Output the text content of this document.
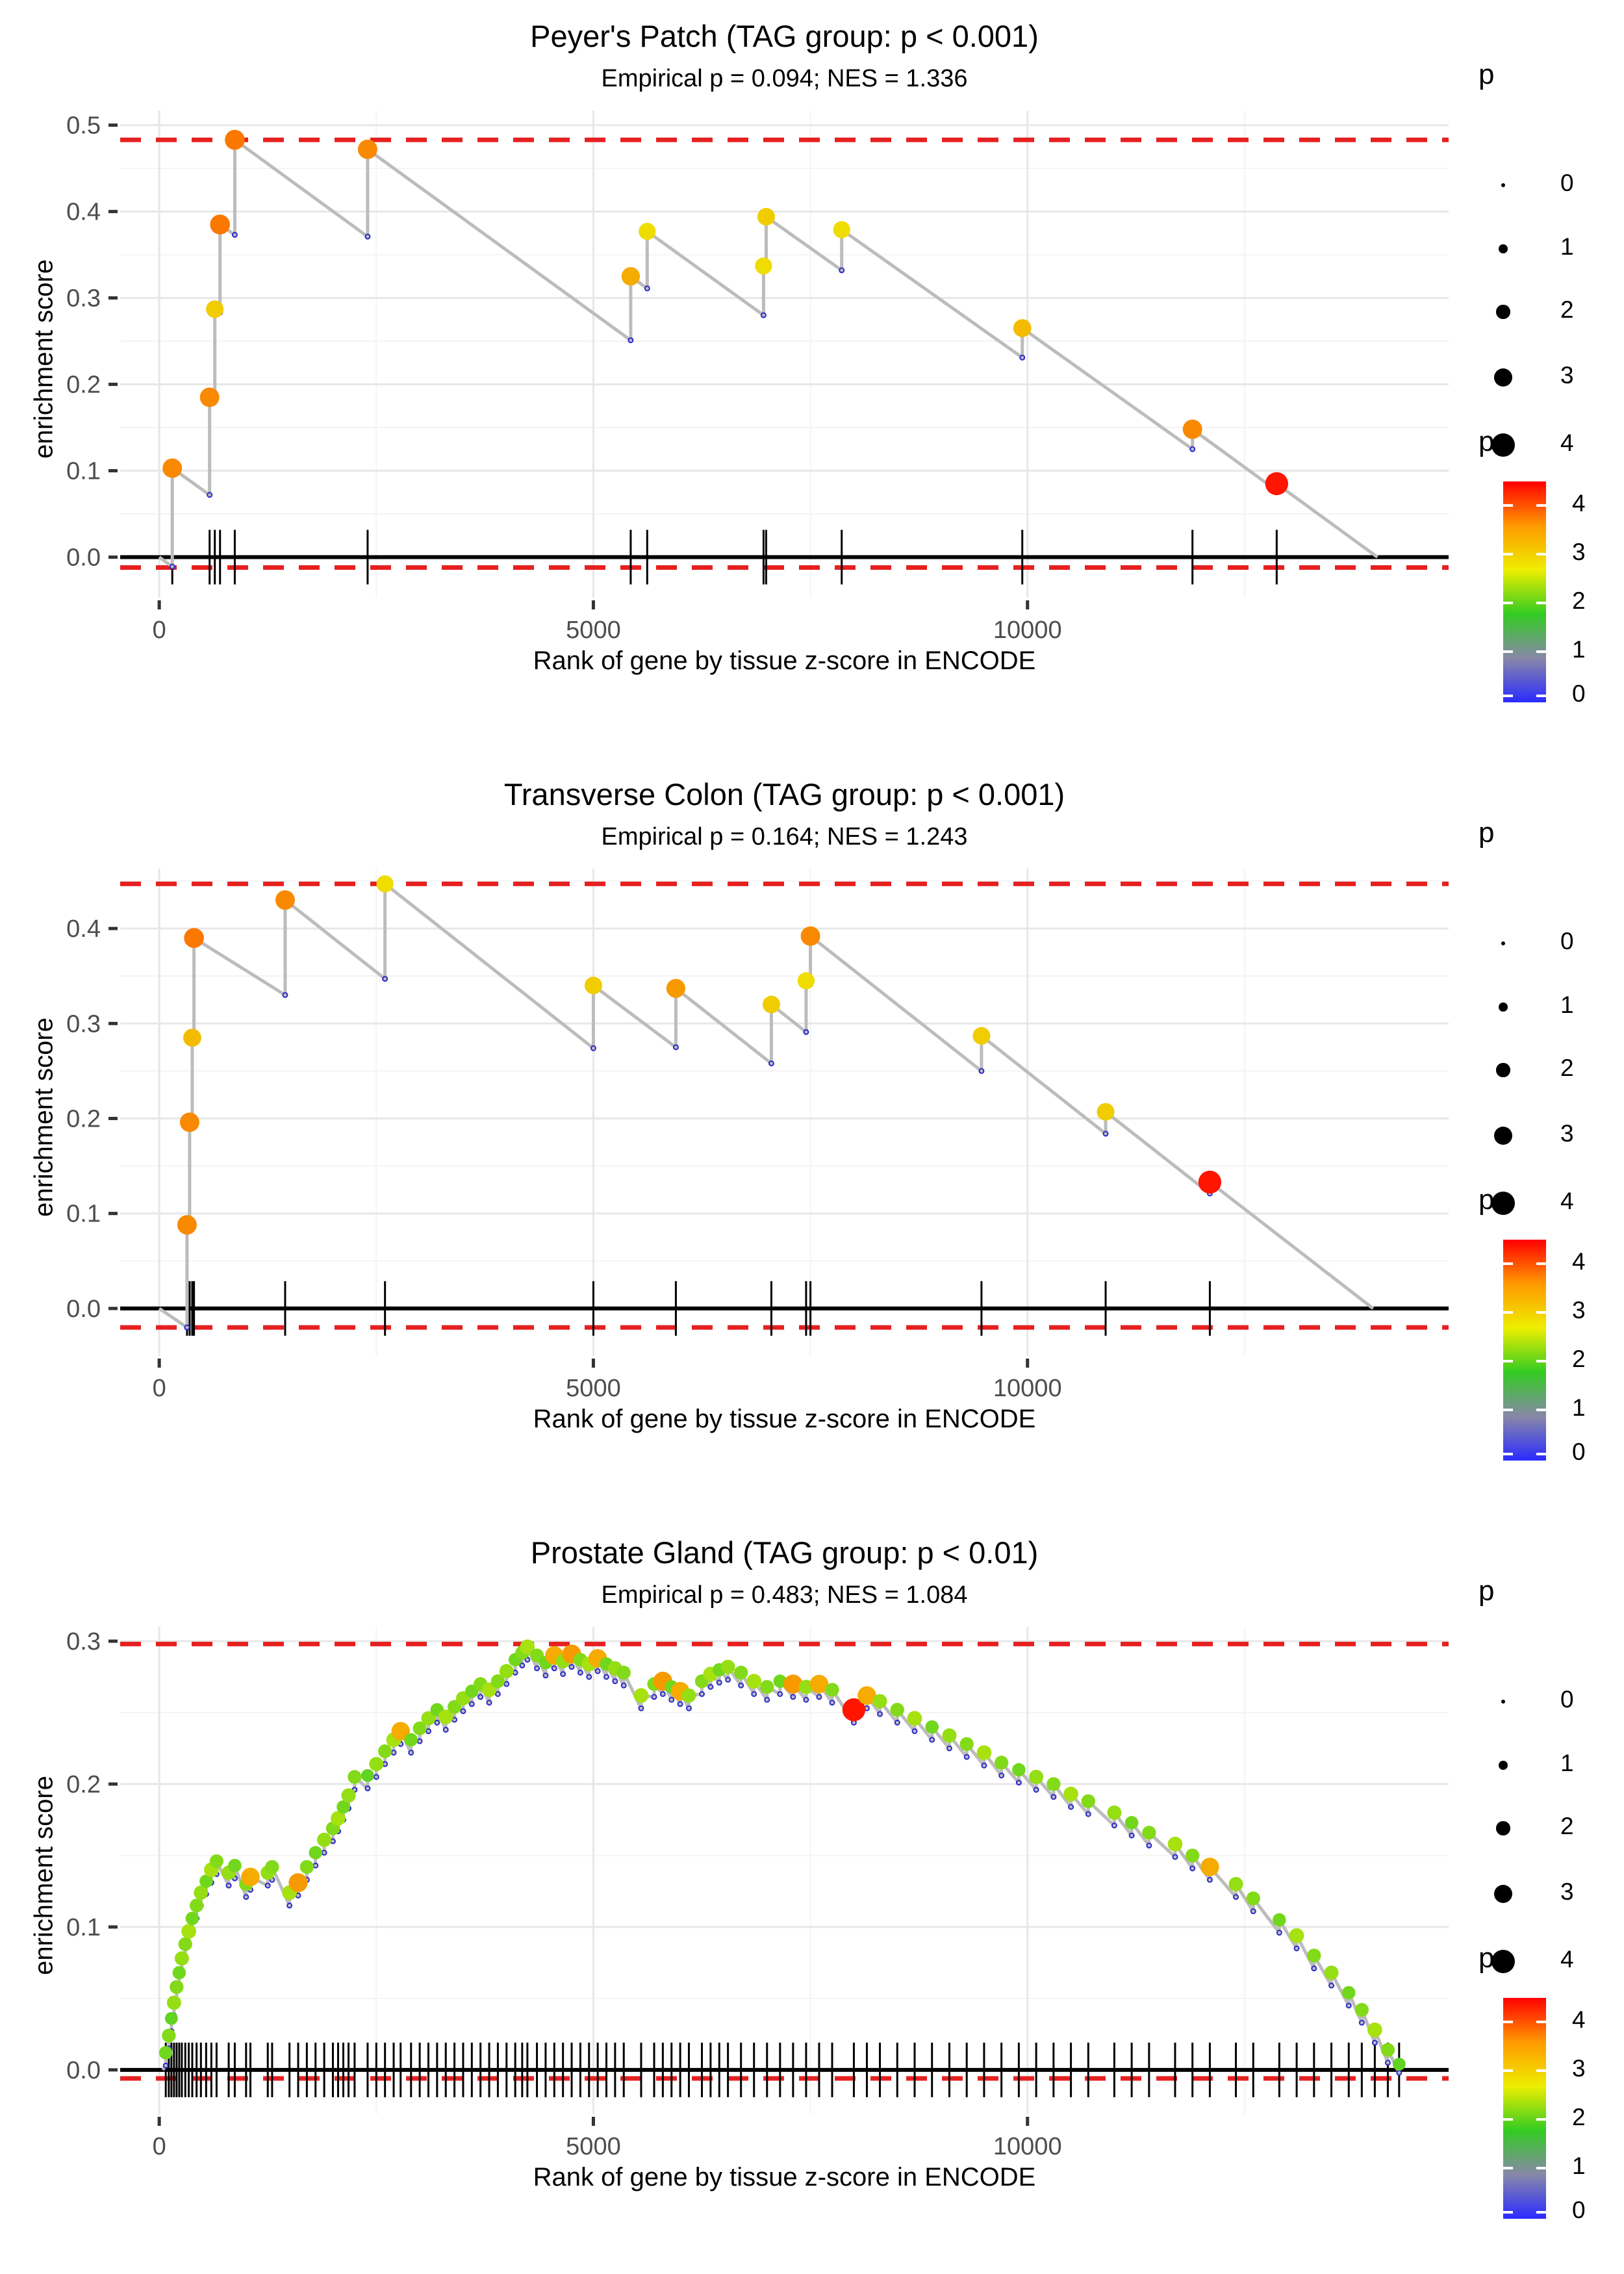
Peyer's Patch (TAG group: p < 0.001)
Empirical p = 0.094; NES = 1.336
enrichment score
0	5000	10000
0.0
0.1
0.2
0.3
0.4
0.5
Rank of gene by tissue z-score in ENCODE
p
0
1
2
3
4
p
4
3
2
1
0
Transverse Colon (TAG group: p < 0.001)
Empirical p = 0.164; NES = 1.243
enrichment score
0	5000	10000
0.0
0.1
0.2
0.3
0.4
Rank of gene by tissue z-score in ENCODE
p
0
1
2
3
4
p
4
3
2
1
0
Prostate Gland (TAG group: p < 0.01)
Empirical p = 0.483; NES = 1.084
enrichment score
0	5000	10000
0.0
0.1
0.2
0.3
Rank of gene by tissue z-score in ENCODE
p
0
1
2
3
4
p
4
3
2
1
0
